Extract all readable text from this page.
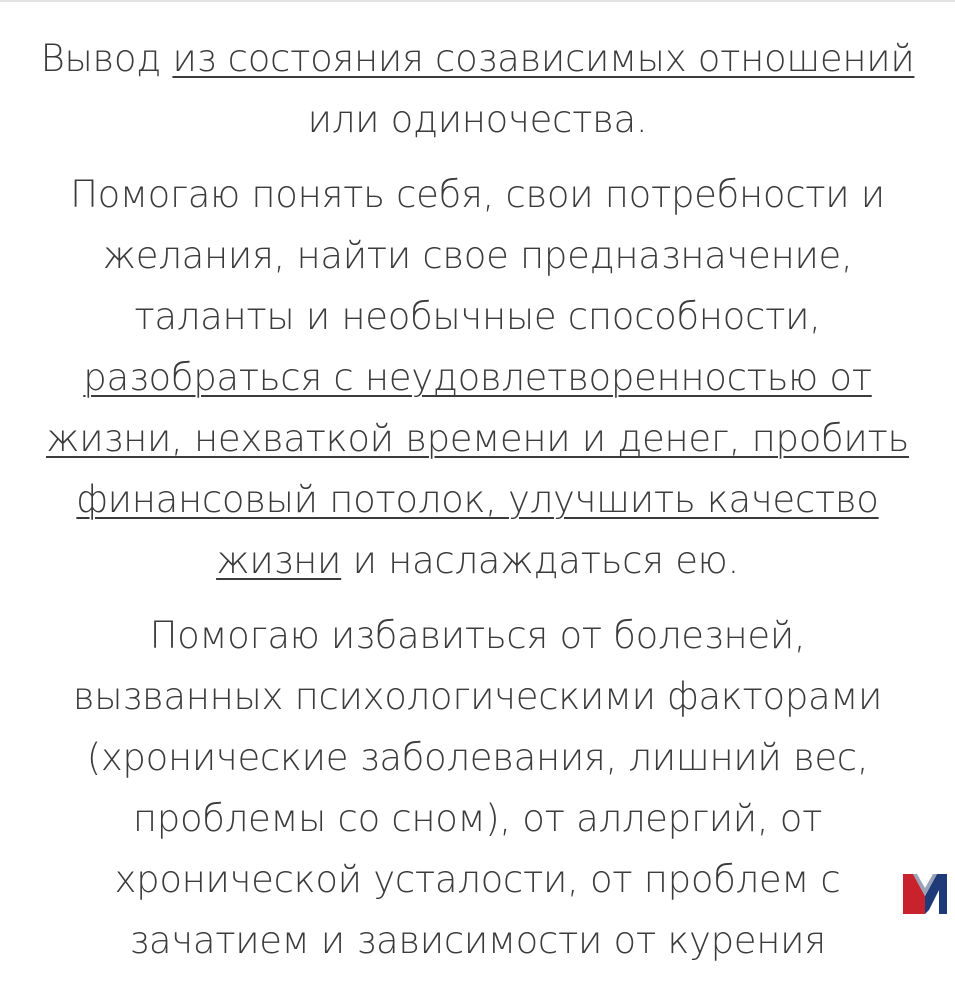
Вывод из состояния созависимых отношений или одиночества.

Помогаю понять себя, свои потребности и желания, найти свое предназначение, таланты и необычные способности, разобраться с неудовлетворенностью от жизни, нехваткой времени и денег, пробить финансовый потолок, улучшить качество жизни и наслаждаться ею.

Помогаю избавиться от болезней, вызванных психологическими факторами (хронические заболевания, лишний вес, проблемы со сном), от аллергий, от хронической усталости, от проблем с зачатием и зависимости от курения
